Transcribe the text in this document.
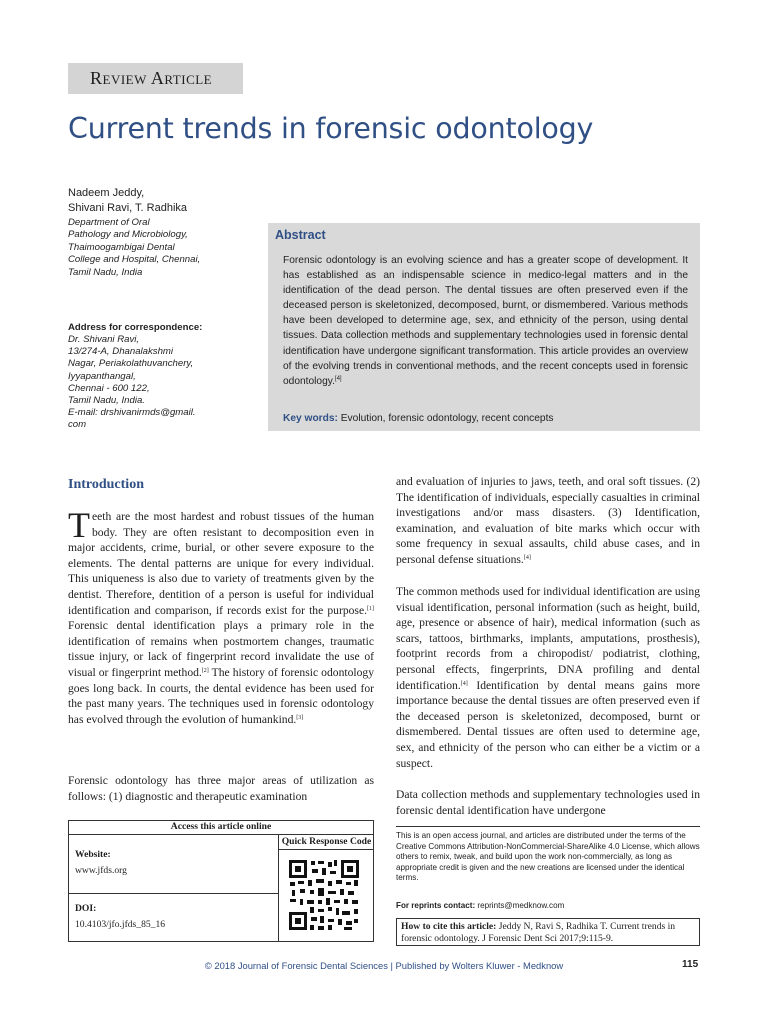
Review Article
Current trends in forensic odontology
Nadeem Jeddy,
Shivani Ravi, T. Radhika
Department of Oral
Pathology and Microbiology,
Thaimoogambigai Dental
College and Hospital, Chennai,
Tamil Nadu, India
Address for correspondence:
Dr. Shivani Ravi,
13/274-A, Dhanalakshmi
Nagar, Periakolathuvanchery,
Iyyapanthangal,
Chennai - 600 122,
Tamil Nadu, India.
E-mail: drshivanirmds@gmail.
com
Abstract
Forensic odontology is an evolving science and has a greater scope of development. It has established as an indispensable science in medico-legal matters and in the identification of the dead person. The dental tissues are often preserved even if the deceased person is skeletonized, decomposed, burnt, or dismembered. Various methods have been developed to determine age, sex, and ethnicity of the person, using dental tissues. Data collection methods and supplementary technologies used in forensic dental identification have undergone significant transformation. This article provides an overview of the evolving trends in conventional methods, and the recent concepts used in forensic odontology.[4]
Key words: Evolution, forensic odontology, recent concepts
Introduction

Teeth are the most hardest and robust tissues of the human body. They are often resistant to decomposition even in major accidents, crime, burial, or other severe exposure to the elements. The dental patterns are unique for every individual. This uniqueness is also due to variety of treatments given by the dentist. Therefore, dentition of a person is useful for individual identification and comparison, if records exist for the purpose.[1] Forensic dental identification plays a primary role in the identification of remains when postmortem changes, traumatic tissue injury, or lack of fingerprint record invalidate the use of visual or fingerprint method.[2] The history of forensic odontology goes long back. In courts, the dental evidence has been used for the past many years. The techniques used in forensic odontology has evolved through the evolution of humankind.[3]

Forensic odontology has three major areas of utilization as follows: (1) diagnostic and therapeutic examination

and evaluation of injuries to jaws, teeth, and oral soft tissues. (2) The identification of individuals, especially casualties in criminal investigations and/or mass disasters. (3) Identification, examination, and evaluation of bite marks which occur with some frequency in sexual assaults, child abuse cases, and in personal defense situations.[4]

The common methods used for individual identification are using visual identification, personal information (such as height, build, age, presence or absence of hair), medical information (such as scars, tattoos, birthmarks, implants, amputations, prosthesis), footprint records from a chiropodist/ podiatrist, clothing, personal effects, fingerprints, DNA profiling and dental identification.[4] Identification by dental means gains more importance because the dental tissues are often preserved even if the deceased person is skeletonized, decomposed, burnt or dismembered. Dental tissues are often used to determine age, sex, and ethnicity of the person who can either be a victim or a suspect.

Data collection methods and supplementary technologies used in forensic dental identification have undergone

Access this article online
Quick Response Code
Website:
www.jfds.org
DOI:
10.4103/jfo.jfds_85_16
This is an open access journal, and articles are distributed under the terms of the Creative Commons Attribution-NonCommercial-ShareAlike 4.0 License, which allows others to remix, tweak, and build upon the work non-commercially, as long as appropriate credit is given and the new creations are licensed under the identical terms.
For reprints contact: reprints@medknow.com
How to cite this article: Jeddy N, Ravi S, Radhika T. Current trends in forensic odontology. J Forensic Dent Sci 2017;9:115-9.
© 2018 Journal of Forensic Dental Sciences | Published by Wolters Kluwer - Medknow	115
